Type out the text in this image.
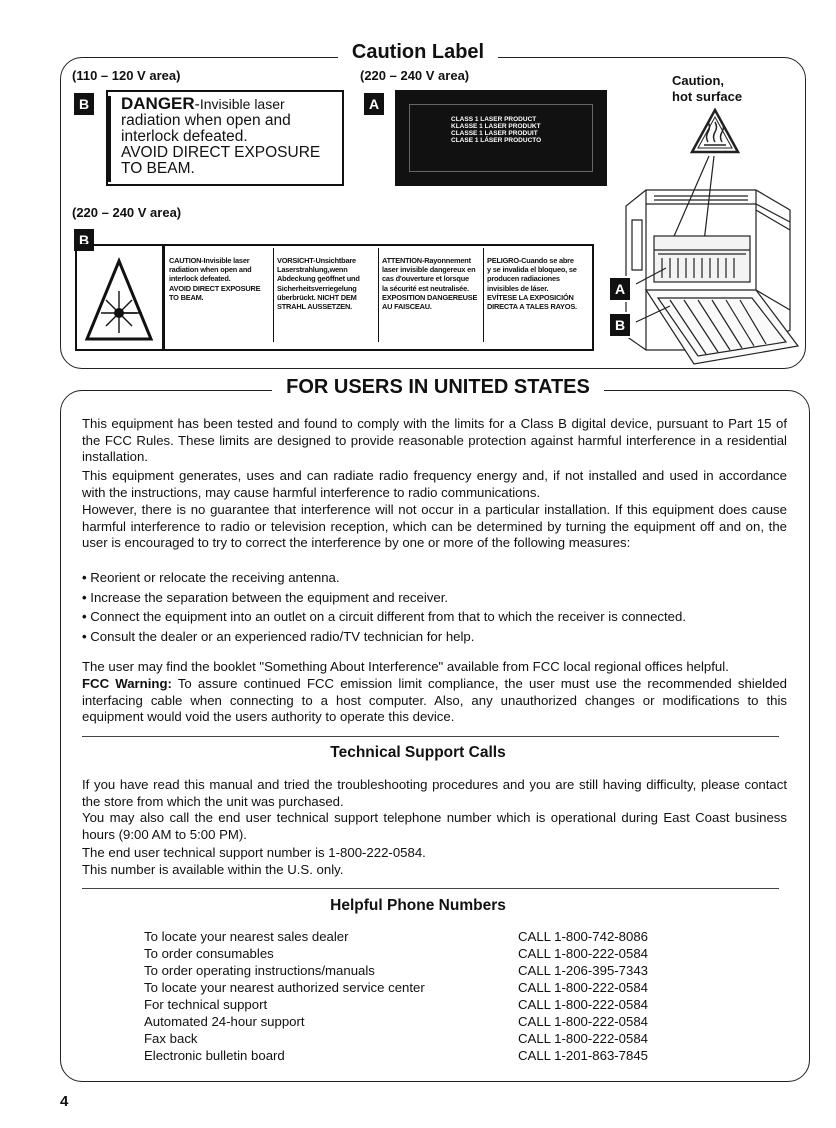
Caution Label
(110 – 120 V area)	(220 – 240 V area)
B	A
DANGER-Invisible laser
radiation when open and
interlock defeated.
AVOID DIRECT EXPOSURE
TO BEAM.
CLASS 1 LASER PRODUCT
KLASSE 1 LASER PRODUKT
CLASSE 1 LASER PRODUIT
CLASE 1 LÁSER PRODUCTO
Caution,
hot surface
(220 – 240 V area)
B
CAUTION-Invisible laser
radiation when open and
interlock defeated.
AVOID DIRECT EXPOSURE
TO BEAM.
VORSICHT-Unsichtbare
Laserstrahlung,wenn
Abdeckung geöffnet und
Sicherheitsverriegelung
überbrückt. NICHT DEM
STRAHL AUSSETZEN.
ATTENTION-Rayonnement
laser invisible dangereux en
cas d'ouverture et lorsque
la sécurité est neutralisée.
EXPOSITION DANGEREUSE
AU FAISCEAU.
PELIGRO-Cuando se abre
y se invalida el bloqueo, se
producen radiaciones
invisibles de láser.
EVÍTESE LA EXPOSICIÓN
DIRECTA A TALES RAYOS.
A
B
FOR USERS IN UNITED STATES
This equipment has been tested and found to comply with the limits for a Class B digital device, pursuant to Part 15 of the FCC Rules. These limits are designed to provide reasonable protection against harmful interference in a residential installation.
This equipment generates, uses and can radiate radio frequency energy and, if not installed and used in accordance with the instructions, may cause harmful interference to radio communications.
However, there is no guarantee that interference will not occur in a particular installation. If this equipment does cause harmful interference to radio or television reception, which can be determined by turning the equipment off and on, the user is encouraged to try to correct the interference by one or more of the following measures:
• Reorient or relocate the receiving antenna.
• Increase the separation between the equipment and receiver.
• Connect the equipment into an outlet on a circuit different from that to which the receiver is connected.
• Consult the dealer or an experienced radio/TV technician for help.
The user may find the booklet "Something About Interference" available from FCC local regional offices helpful.
FCC Warning: To assure continued FCC emission limit compliance, the user must use the recommended shielded interfacing cable when connecting to a host computer. Also, any unauthorized changes or modifications to this equipment would void the users authority to operate this device.
Technical Support Calls
If you have read this manual and tried the troubleshooting procedures and you are still having difficulty, please contact the store from which the unit was purchased.
You may also call the end user technical support telephone number which is operational during East Coast business hours (9:00 AM to 5:00 PM).
The end user technical support number is 1-800-222-0584.
This number is available within the U.S. only.
Helpful Phone Numbers
To locate your nearest sales dealer	CALL 1-800-742-8086
To order consumables	CALL 1-800-222-0584
To order operating instructions/manuals	CALL 1-206-395-7343
To locate your nearest authorized service center	CALL 1-800-222-0584
For technical support	CALL 1-800-222-0584
Automated 24-hour support	CALL 1-800-222-0584
Fax back	CALL 1-800-222-0584
Electronic bulletin board	CALL 1-201-863-7845
4
